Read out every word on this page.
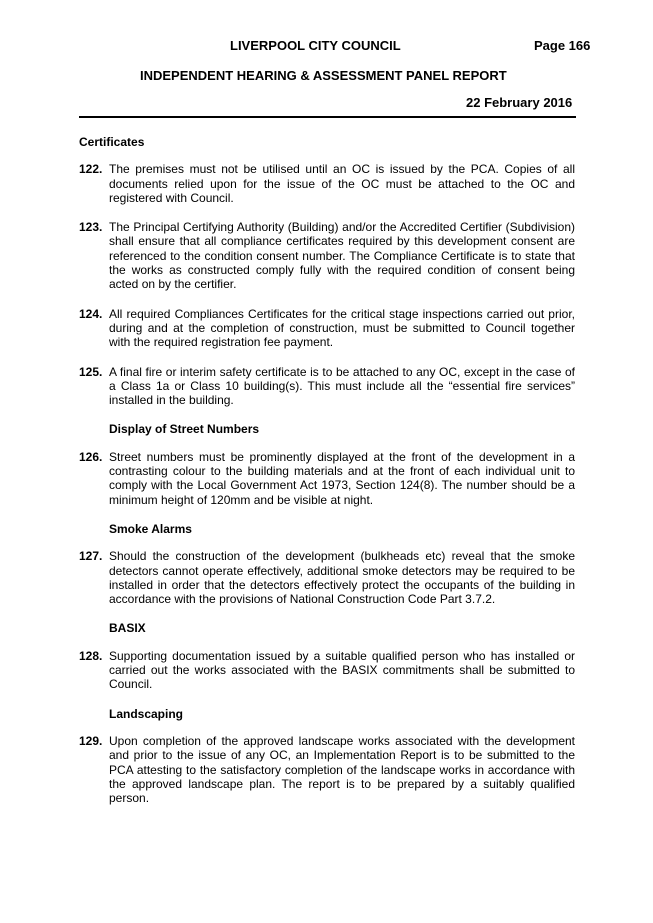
LIVERPOOL CITY COUNCIL	Page 166
INDEPENDENT HEARING & ASSESSMENT PANEL REPORT
22 February 2016

Certificates

122. The premises must not be utilised until an OC is issued by the PCA. Copies of all documents relied upon for the issue of the OC must be attached to the OC and registered with Council.

123. The Principal Certifying Authority (Building) and/or the Accredited Certifier (Subdivision) shall ensure that all compliance certificates required by this development consent are referenced to the condition consent number. The Compliance Certificate is to state that the works as constructed comply fully with the required condition of consent being acted on by the certifier.

124. All required Compliances Certificates for the critical stage inspections carried out prior, during and at the completion of construction, must be submitted to Council together with the required registration fee payment.

125. A final fire or interim safety certificate is to be attached to any OC, except in the case of a Class 1a or Class 10 building(s). This must include all the “essential fire services” installed in the building.

Display of Street Numbers

126. Street numbers must be prominently displayed at the front of the development in a contrasting colour to the building materials and at the front of each individual unit to comply with the Local Government Act 1973, Section 124(8). The number should be a minimum height of 120mm and be visible at night.

Smoke Alarms

127. Should the construction of the development (bulkheads etc) reveal that the smoke detectors cannot operate effectively, additional smoke detectors may be required to be installed in order that the detectors effectively protect the occupants of the building in accordance with the provisions of National Construction Code Part 3.7.2.

BASIX

128. Supporting documentation issued by a suitable qualified person who has installed or carried out the works associated with the BASIX commitments shall be submitted to Council.

Landscaping

129. Upon completion of the approved landscape works associated with the development and prior to the issue of any OC, an Implementation Report is to be submitted to the PCA attesting to the satisfactory completion of the landscape works in accordance with the approved landscape plan. The report is to be prepared by a suitably qualified person.
